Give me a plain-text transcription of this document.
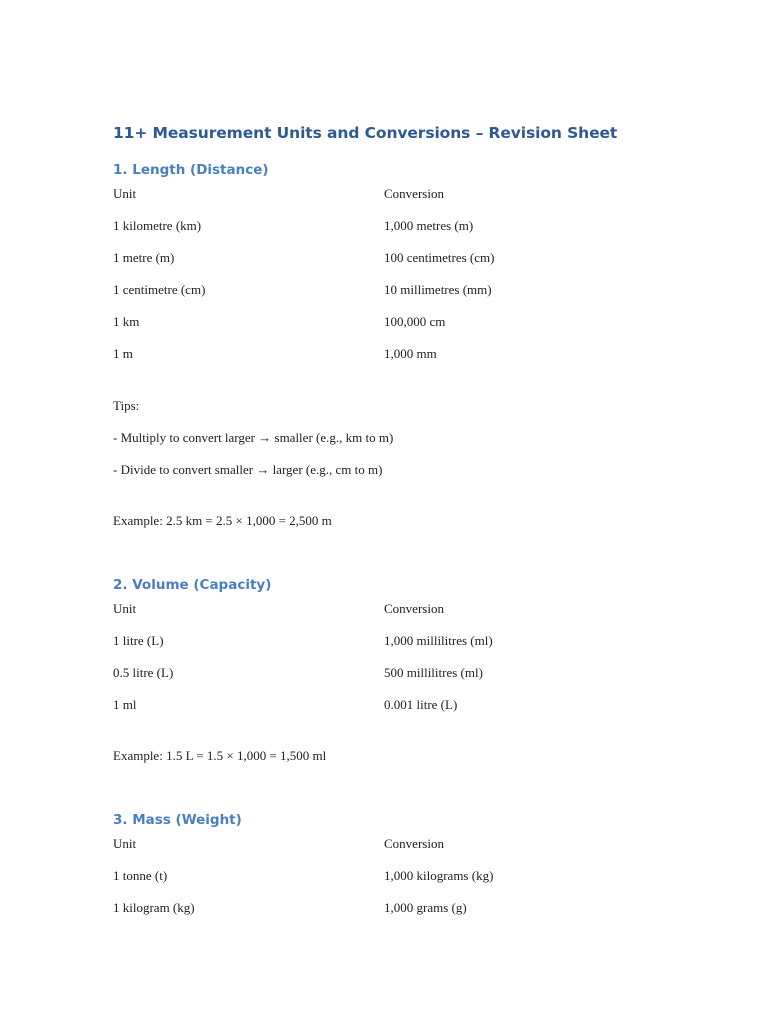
11+ Measurement Units and Conversions – Revision Sheet
1. Length (Distance)
Unit	Conversion
1 kilometre (km)	1,000 metres (m)
1 metre (m)	100 centimetres (cm)
1 centimetre (cm)	10 millimetres (mm)
1 km	100,000 cm
1 m	1,000 mm
Tips:
- Multiply to convert larger → smaller (e.g., km to m)
- Divide to convert smaller → larger (e.g., cm to m)
Example: 2.5 km = 2.5 × 1,000 = 2,500 m
2. Volume (Capacity)
Unit	Conversion
1 litre (L)	1,000 millilitres (ml)
0.5 litre (L)	500 millilitres (ml)
1 ml	0.001 litre (L)
Example: 1.5 L = 1.5 × 1,000 = 1,500 ml
3. Mass (Weight)
Unit	Conversion
1 tonne (t)	1,000 kilograms (kg)
1 kilogram (kg)	1,000 grams (g)
